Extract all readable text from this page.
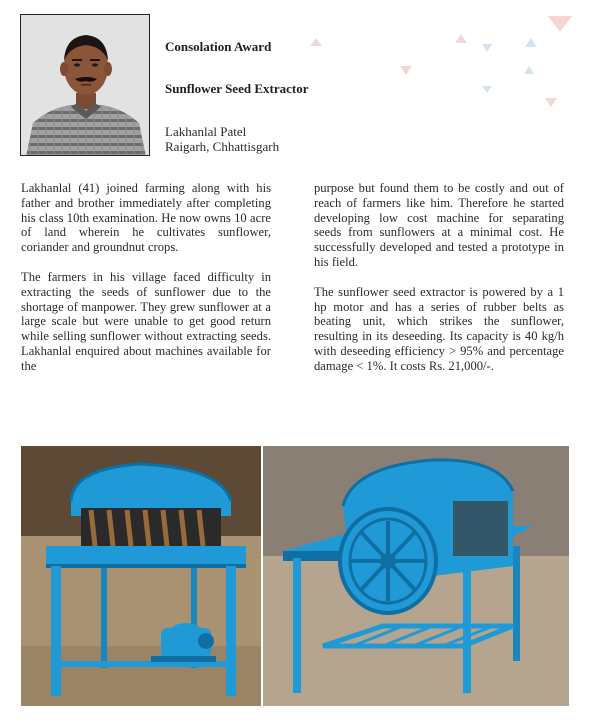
Consolation Award
Sunflower Seed Extractor
Lakhanlal Patel
Raigarh, Chhattisgarh

Lakhanlal (41) joined farming along with his father and brother immediately after completing his class 10th examination. He now owns 10 acre of land wherein he cultivates sunflower, coriander and groundnut crops.

The farmers in his village faced difficulty in extracting the seeds of sunflower due to the shortage of manpower. They grew sunflower at a large scale but were unable to get good return while selling sunflower without extracting seeds. Lakhanlal enquired about machines available for the

purpose but found them to be costly and out of reach of farmers like him. Therefore he started developing low cost machine for separating seeds from sunflowers at a minimal cost. He successfully developed and tested a prototype in his field.

The sunflower seed extractor is powered by a 1 hp motor and has a series of rubber belts as beating unit, which strikes the sunflower, resulting in its deseeding. Its capacity is 40 kg/h with deseeding efficiency > 95% and percentage damage < 1%. It costs Rs. 21,000/-.
